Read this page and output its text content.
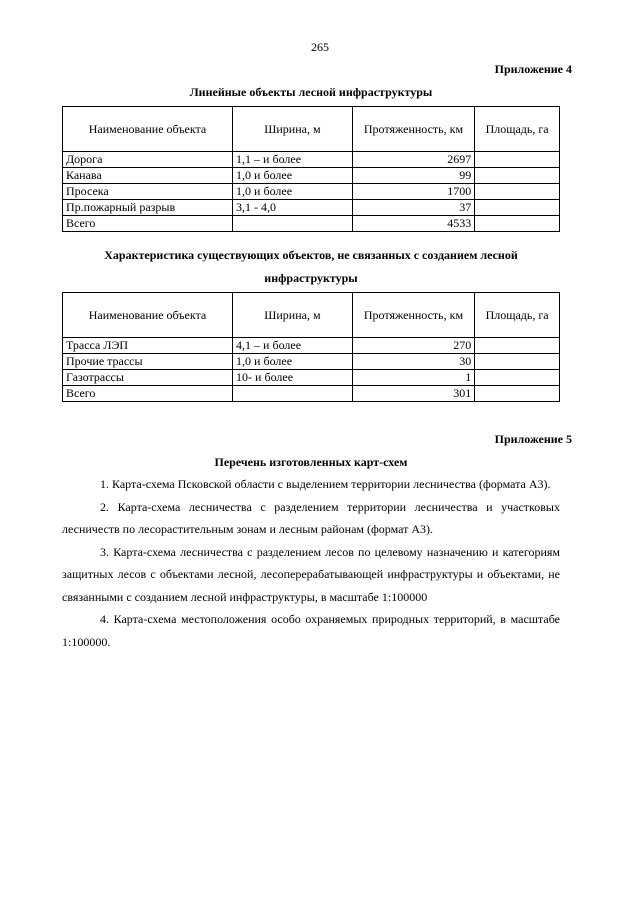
265
Приложение 4
Линейные объекты лесной инфраструктуры
Наименование объекта	Ширина, м	Протяженность, км	Площадь, га
Дорога	1,1 – и более	2697	
Канава	1,0 и более	99	
Просека	1,0 и более	1700	
Пр.пожарный разрыв	3,1 - 4,0	37	
Всего		4533	
Характеристика существующих объектов, не связанных с созданием лесной
инфраструктуры
Наименование объекта	Ширина, м	Протяженность, км	Площадь, га
Трасса ЛЭП	4,1 – и более	270	
Прочие трассы	1,0 и более	30	
Газотрассы	10- и более	1	
Всего		301	
Приложение 5
Перечень изготовленных карт-схем

1. Карта-схема Псковской области с выделением территории лесничества (формата А3).

2. Карта-схема лесничества с разделением территории лесничества и участковых лесничеств по лесорастительным зонам и лесным районам (формат А3).

3. Карта-схема лесничества с разделением лесов по целевому назначению и категориям защитных лесов с объектами лесной, лесоперерабатывающей инфраструктуры и объектами, не связанными с созданием лесной инфраструктуры, в масштабе 1:100000

4. Карта-схема местоположения особо охраняемых природных территорий, в масштабе 1:100000.
